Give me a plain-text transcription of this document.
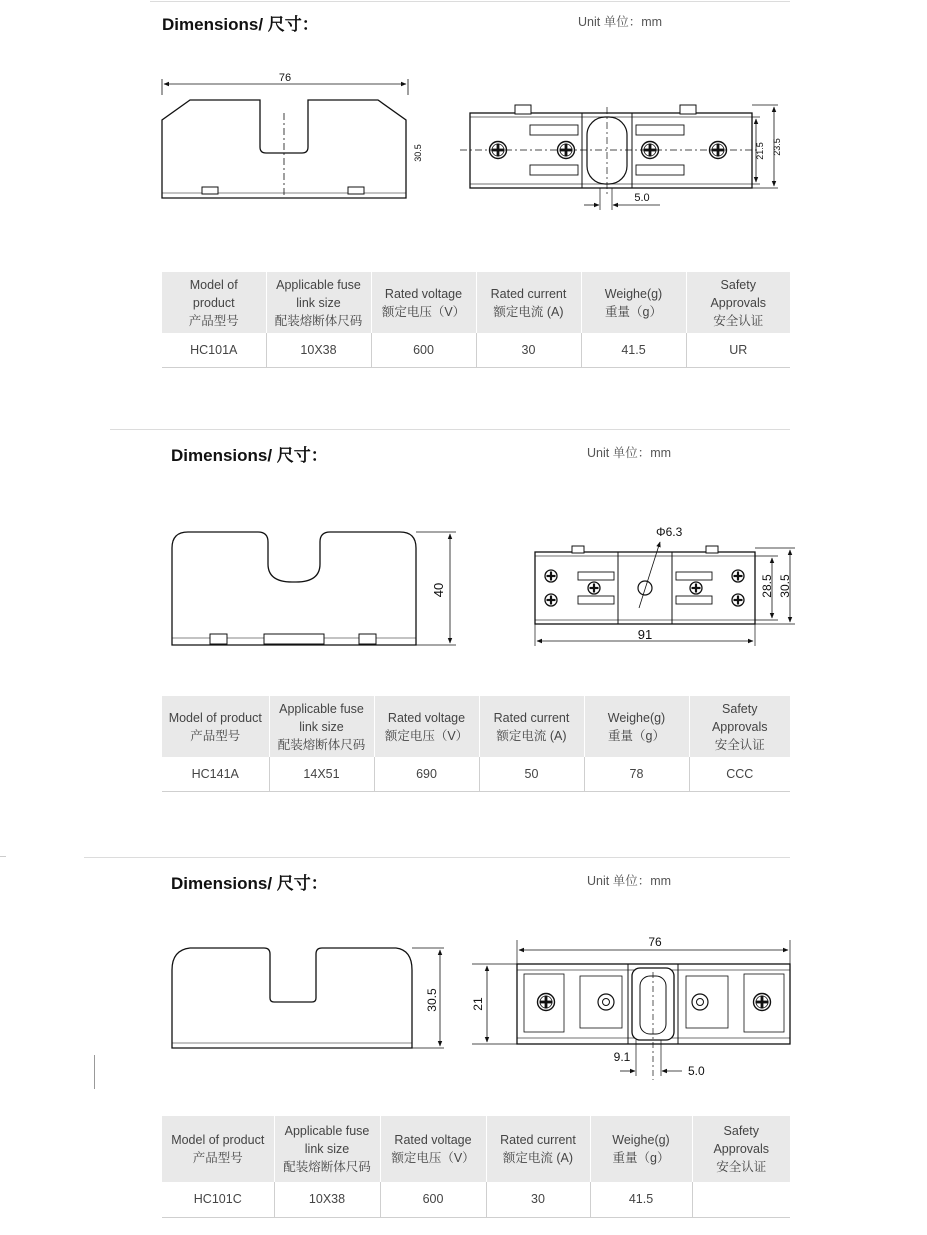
Dimensions/ 尺寸：	Unit 单位：mm
76
30.5	21.5 23.5
5.0
Model of
product
产品型号	Applicable fuse
link size
配装熔断体尺码	Rated voltage
额定电压（V）	Rated current
额定电流 (A)	Weighe(g)
重量（g）	Safety
Approvals
安全认证

HC101A	10X38	600	30	41.5	UR
Dimensions/ 尺寸：	Unit 单位：mm
40
Φ6.3
91
28.5 30.5
Model of product
产品型号	Applicable fuse
link size
配装熔断体尺码	Rated voltage
额定电压（V）	Rated current
额定电流 (A)	Weighe(g)
重量（g）	Safety
Approvals
安全认证

HC141A	14X51	690	50	78	CCC
Dimensions/ 尺寸：	Unit 单位：mm
30.5
76
21
9.1
5.0
Model of product
产品型号	Applicable fuse
link size
配装熔断体尺码	Rated voltage
额定电压（V）	Rated current
额定电流 (A)	Weighe(g)
重量（g）	Safety
Approvals
安全认证

HC101C	10X38	600	30	41.5	
